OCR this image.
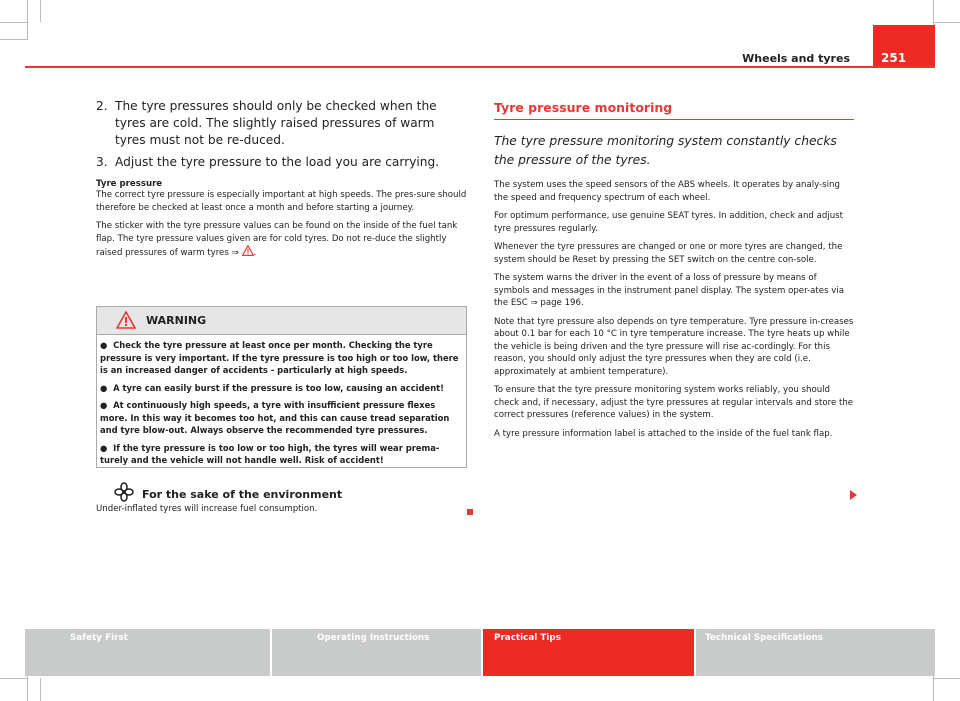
Wheels and tyres	251
2. The tyre pressures should only be checked when the tyres are cold. The slightly raised pressures of warm tyres must not be re-duced.
3. Adjust the tyre pressure to the load you are carrying.
Tyre pressure

The correct tyre pressure is especially important at high speeds. The pres-sure should therefore be checked at least once a month and before starting a journey.

The sticker with the tyre pressure values can be found on the inside of the fuel tank flap. The tyre pressure values given are for cold tyres. Do not re-duce the slightly raised pressures of warm tyres ⇒ .

WARNING
● Check the tyre pressure at least once per month. Checking the tyre pressure is very important. If the tyre pressure is too high or too low, there is an increased danger of accidents - particularly at high speeds.
● A tyre can easily burst if the pressure is too low, causing an accident!
● At continuously high speeds, a tyre with insufficient pressure flexes more. In this way it becomes too hot, and this can cause tread separation and tyre blow-out. Always observe the recommended tyre pressures.
● If the tyre pressure is too low or too high, the tyres will wear prema-turely and the vehicle will not handle well. Risk of accident!
For the sake of the environment

Under-inflated tyres will increase fuel consumption.

Tyre pressure monitoring
The tyre pressure monitoring system constantly checks the pressure of the tyres.

The system uses the speed sensors of the ABS wheels. It operates by analy-sing the speed and frequency spectrum of each wheel.

For optimum performance, use genuine SEAT tyres. In addition, check and adjust tyre pressures regularly.

Whenever the tyre pressures are changed or one or more tyres are changed, the system should be Reset by pressing the SET switch on the centre con-sole.

The system warns the driver in the event of a loss of pressure by means of symbols and messages in the instrument panel display. The system oper-ates via the ESC ⇒ page 196.

Note that tyre pressure also depends on tyre temperature. Tyre pressure in-creases about 0.1 bar for each 10 °C in tyre temperature increase. The tyre heats up while the vehicle is being driven and the tyre pressure will rise ac-cordingly. For this reason, you should only adjust the tyre pressures when they are cold (i.e. approximately at ambient temperature).

To ensure that the tyre pressure monitoring system works reliably, you should check and, if necessary, adjust the tyre pressures at regular intervals and store the correct pressures (reference values) in the system.

A tyre pressure information label is attached to the inside of the fuel tank flap.

Safety First	Operating Instructions	Practical Tips	Technical Specifications
